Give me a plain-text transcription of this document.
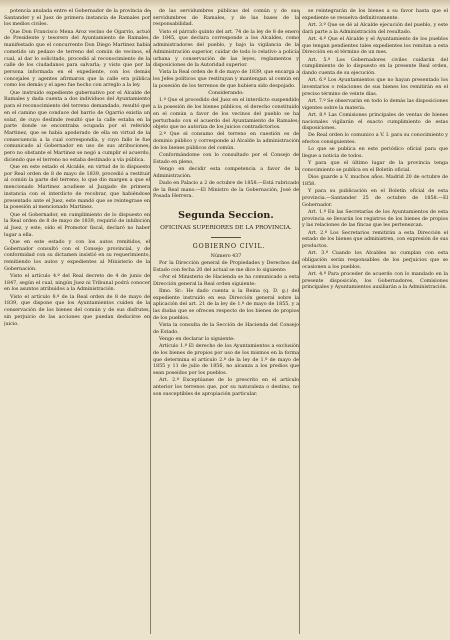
potencia anulada entre el Gobernador de la provincia de Santander y el Juez de primera instancia de Ramales por los medios civiles.

Que Don Francisco Mena Aroz vecino de Ogarrio, actuó de Presidente y tesorero del Ayuntamiento de Ramales, manifestado que el concurrente Don Diego Martinez había cometido un pedazo de terreno del común de vecinos, el cual, al dar lo solicitado, procedió al reconocimiento de la calle de los ciudadanos para salvarla; y visto que por la persona informada en el expediente, con los demás concejales y agentes afirmaron que la calle era pública como los demás y el apeo fue hecho con arreglo a la ley.

Que instruido expediente gubernativo por el Alcalde de Ramales y dada cuenta a dos individuos del Ayuntamiento para el reconocimiento del terreno demandado, resultó que en el camino que conduce del barrio de Ogarrio existía un solar, de cuyo deslinde resultó que la calle estaba en la parte donde se encontraba ocupada por el referido Martinez, que se había apoderado de ella en virtud de la consecuencia a la cual correspondía, y cuyo fallo le fue comunicado al Gobernador en uso de sus atribuciones; pero no obstante el Martinez se negó a cumplir el acuerdo, diciendo que el terreno no estaba destinado a vía pública.

Que en este estado el Alcalde, en virtud de lo dispuesto por Real orden de 8 de mayo de 1839, procedió a restituir al común la parte del terreno; lo que dio margen a que el mencionado Martinez acudiese al Juzgado de primera instancia con el interdicto de recobrar, que habiéndose presentado ante el Juez, este mandó que se reintegrase en la posesión al mencionado Martinez.

Que el Gobernador, en cumplimiento de lo dispuesto en la Real orden de 8 de mayo de 1839, requirió de inhibición al Juez, y este, oído el Promotor fiscal, declaró no haber lugar a ella.

Que en este estado y con los autos remitidos, el Gobernador consultó con el Consejo provincial, y de conformidad con su dictamen insistió en su requerimiento, remitiendo los autos y expedientes al Ministerio de la Gobernación.

Visto el artículo 4.º del Real decreto de 4 de junio de 1847, según el cual, ningún Juez ni Tribunal podrá conocer en los asuntos atribuidos a la Administración.

Visto el artículo 8.º de la Real orden de 8 de mayo de 1839, que dispone que los Ayuntamientos cuiden de la conservación de los bienes del común y de sus disfrutes, sin perjuicio de las acciones que puedan deducirse en juicio.

de las servidumbres públicas del común y de sus servidumbres de Ramales, y de las bases de la responsabilidad.

Visto el párrafo quinto del art. 74 de la ley de 8 de enero de 1845, que declara corresponde a los Alcaldes, como administradores del pueblo, y bajo la vigilancia de la Administración superior, cuidar de todo lo relativo a policía urbana y conservación de las leyes, reglamentos y disposiciones de la Autoridad superior.

Vista la Real orden de 8 de mayo de 1839, que encarga a los Jefes políticos que restituyan y mantengan al común en la posesión de los terrenos de que hubiera sido despojado.

Considerando:

1.º Que el procedido del Juez en el interdicto suspendido a la posesión de los bienes públicos, el derecho constituido en el común a favor de los vecinos del pueblo se ha perturbado con el acuerdo del Ayuntamiento de Ramales; objeto que no autoriza de los juicios contradictorios.

2.º Que el consumo del terreno en cuestión es de dominio público y corresponde al Alcalde la administración de los bienes públicos del común.

Conformándome con lo consultado por el Consejo de Estado en pleno,

Vengo en decidir esta competencia a favor de la Administración.

Dado en Palacio a 2 de octubre de 1858.—Está rubricado de la Real mano.—El Ministro de la Gobernación, José de Posada Herrera.

Segunda Seccion.

OFICINAS SUPERIORES DE LA PROVINCIA.

GOBIERNO CIVIL.

Número 437

Por la Dirección general de Propiedades y Derechos del Estado con fecha 20 del actual se me dice lo siguiente:

«Por el Ministerio de Hacienda se ha comunicado a esta Dirección general la Real orden siguiente:

Ilmo. Sr.: He dado cuenta a la Reina (q. D. g.) del expediente instruido en esa Dirección general sobre la aplicación del art. 21 de la ley de 1.º de mayo de 1855, y a las dudas que se ofrecen respecto de los bienes de propios de los pueblos.

Vista la consulta de la Sección de Hacienda del Consejo de Estado.

Vengo en declarar lo siguiente:

Artículo 1.º El derecho de los Ayuntamientos a exclusión de los bienes de propios por uso de los mismos en la forma que determina el artículo 2.º de la ley de 1.º de mayo de 1855 y 11 de julio de 1856, no alcanza a los predios que sean poseídos por los pueblos.

Art. 2.º Exceptúanse de lo prescrito en el artículo anterior los terrenos que, por su naturaleza o destino, no son susceptibles de apropiación particular.

se reintegrarán de los bienes a su favor hasta que el expediente se resuelva definitivamente.

Art. 3.º Que se dé al Alcalde ejecución del pueblo, y este dará parte a la Administración del resultado.

Art. 4.º Que el Alcalde y el Ayuntamiento de los pueblos que tengan pendientes tales expedientes los remitan a esta Dirección en el término de un mes.

Art. 5.º Los Gobernadores civiles cuidarán del cumplimiento de lo dispuesto en la presente Real orden, dando cuenta de su ejecución.

Art. 6.º Los Ayuntamientos que no hayan presentado los inventarios o relaciones de sus bienes los remitirán en el preciso término de veinte días.

Art. 7.º Se observarán en todo lo demás las disposiciones vigentes sobre la materia.

Art. 8.º Las Comisiones principales de ventas de bienes nacionales vigilarán el exacto cumplimiento de estas disposiciones.

De Real orden lo comunico a V. I. para su conocimiento y efectos consiguientes.

Lo que se publica en este periódico oficial para que llegue a noticia de todos.

Y para que el último lugar de la provincia tenga conocimiento se publica en el Boletín oficial.

Dios guarde a V. muchos años. Madrid 20 de octubre de 1858.

Y para su publicación en el Boletín oficial de esta provincia.—Santander 25 de octubre de 1858.—El Gobernador.

Art. 1.º En las Secretarías de los Ayuntamientos de esta provincia se llevarán los registros de los bienes de propios y las relaciones de las fincas que les pertenezcan.

Art. 2.º Los Secretarios remitirán a esta Dirección el estado de los bienes que administren, con expresión de sus productos.

Art. 3.º Cuando los Alcaldes no cumplan con esta obligación serán responsables de los perjuicios que se ocasionen a los pueblos.

Art. 4.º Para proceder de acuerdo con lo mandado en la presente disposición, los Gobernadores, Comisiones principales y Ayuntamientos auxiliarán a la Administración.
